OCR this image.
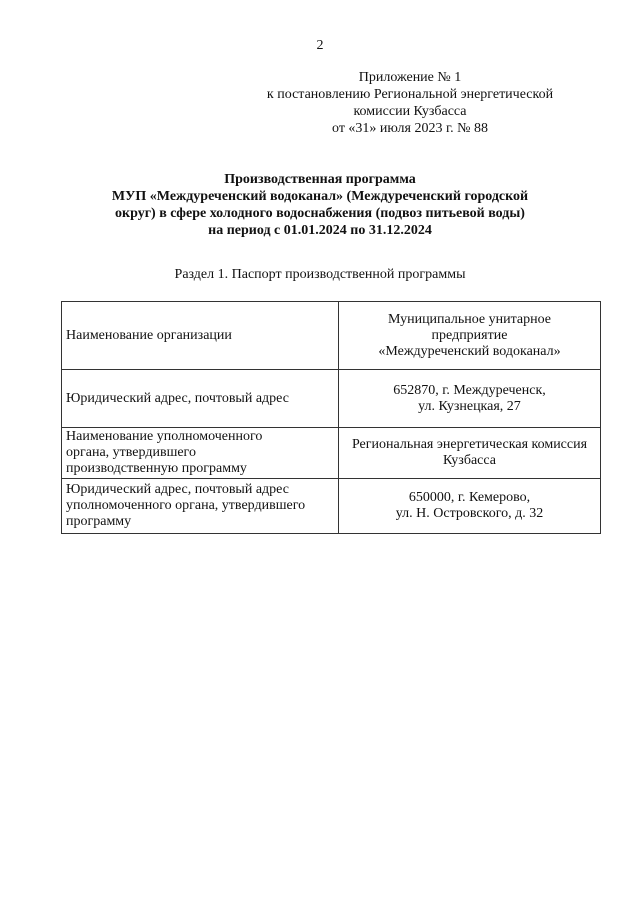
2
Приложение № 1
к постановлению Региональной энергетической
комиссии Кузбасса
от «31» июля 2023 г. № 88
Производственная программа
МУП «Междуреченский водоканал» (Междуреченский городской
округ) в сфере холодного водоснабжения (подвоз питьевой воды)
на период с 01.01.2024 по 31.12.2024
Раздел 1. Паспорт производственной программы
Наименование организации	Муниципальное унитарное
предприятие
«Междуреченский водоканал»

Юридический адрес, почтовый адрес	652870, г. Междуреченск,
ул. Кузнецкая, 27

Наименование уполномоченного
органа, утвердившего
производственную программу	Региональная энергетическая комиссия
Кузбасса

Юридический адрес, почтовый адрес
уполномоченного органа, утвердившего
программу	650000, г. Кемерово,
ул. Н. Островского, д. 32
